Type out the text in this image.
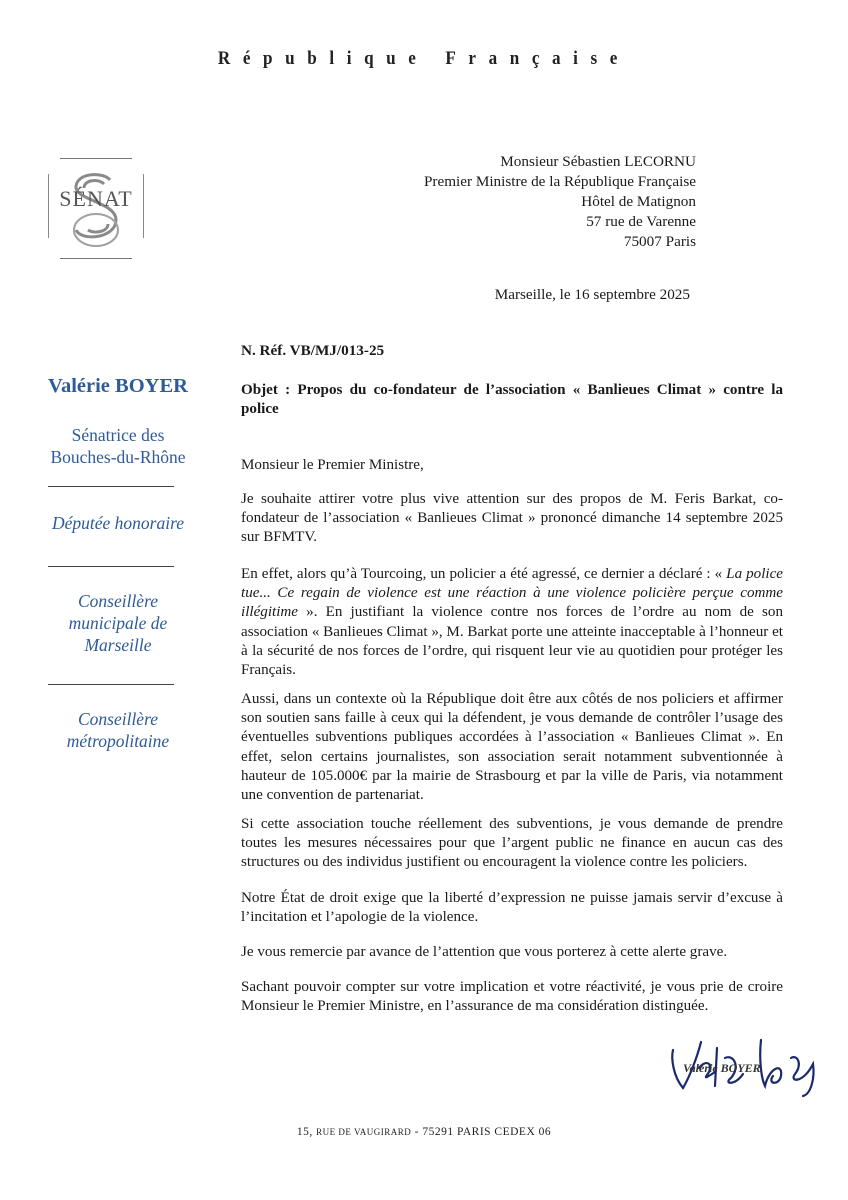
République Française
SÉNAT
Monsieur Sébastien LECORNU
Premier Ministre de la République Française
Hôtel de Matignon
57 rue de Varenne
75007 Paris
Marseille, le 16 septembre 2025
N. Réf. VB/MJ/013-25
Valérie BOYER
Sénatrice des
Bouches-du-Rhône
Députée honoraire
Conseillère
municipale de
Marseille
Conseillère
métropolitaine
Objet : Propos du co-fondateur de l’association « Banlieues Climat » contre la police

Monsieur le Premier Ministre,

Je souhaite attirer votre plus vive attention sur des propos de M. Feris Barkat, co-fondateur de l’association « Banlieues Climat » prononcé dimanche 14 septembre 2025 sur BFMTV.

En effet, alors qu’à Tourcoing, un policier a été agressé, ce dernier a déclaré : « La police tue... Ce regain de violence est une réaction à une violence policière perçue comme illégitime ». En justifiant la violence contre nos forces de l’ordre au nom de son association « Banlieues Climat », M. Barkat porte une atteinte inacceptable à l’honneur et à la sécurité de nos forces de l’ordre, qui risquent leur vie au quotidien pour protéger les Français.

Aussi, dans un contexte où la République doit être aux côtés de nos policiers et affirmer son soutien sans faille à ceux qui la défendent, je vous demande de contrôler l’usage des éventuelles subventions publiques accordées à l’association « Banlieues Climat ». En effet, selon certains journalistes, son association serait notamment subventionnée à hauteur de 105.000€ par la mairie de Strasbourg et par la ville de Paris, via notamment une convention de partenariat.

Si cette association touche réellement des subventions, je vous demande de prendre toutes les mesures nécessaires pour que l’argent public ne finance en aucun cas des structures ou des individus justifient ou encouragent la violence contre les policiers.

Notre État de droit exige que la liberté d’expression ne puisse jamais servir d’excuse à l’incitation et l’apologie de la violence.

Je vous remercie par avance de l’attention que vous porterez à cette alerte grave.

Sachant pouvoir compter sur votre implication et votre réactivité, je vous prie de croire Monsieur le Premier Ministre, en l’assurance de ma considération distinguée.

Valérie BOYER
15, RUE DE VAUGIRARD - 75291 PARIS CEDEX 06
